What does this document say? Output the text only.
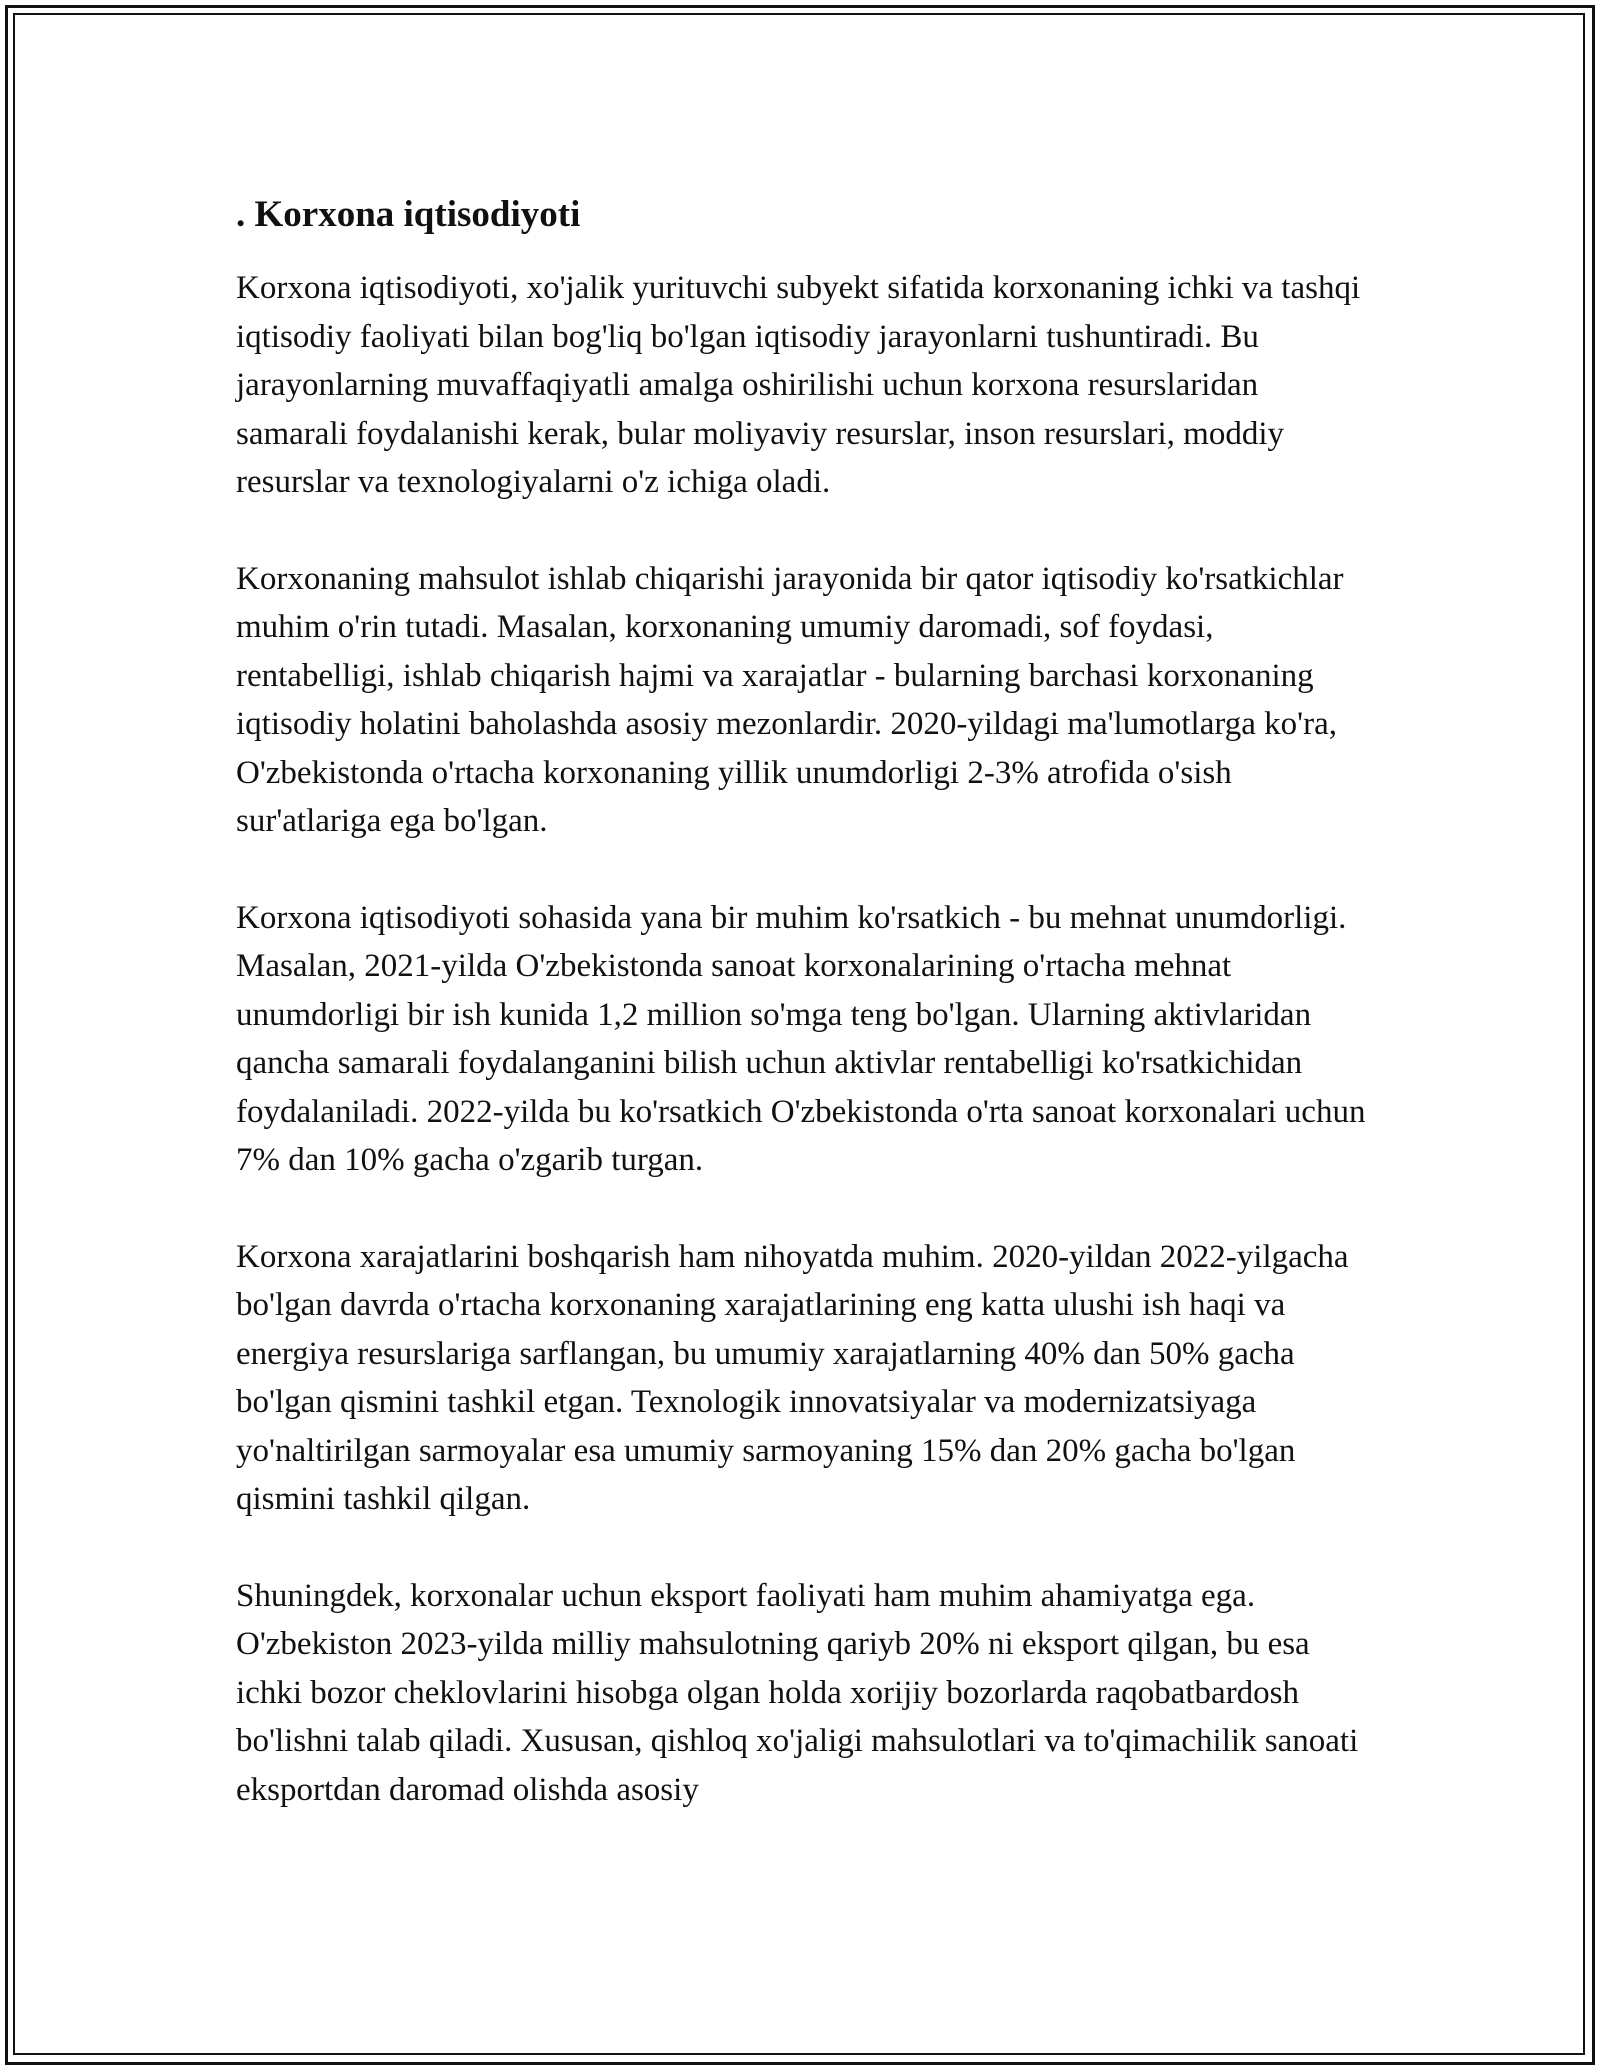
. Korxona iqtisodiyoti

Korxona iqtisodiyoti, xo'jalik yurituvchi subyekt sifatida korxonaning ichki va tashqi iqtisodiy faoliyati bilan bog'liq bo'lgan iqtisodiy jarayonlarni tushuntiradi. Bu jarayonlarning muvaffaqiyatli amalga oshirilishi uchun korxona resurslaridan samarali foydalanishi kerak, bular moliyaviy resurslar, inson resurslari, moddiy resurslar va texnologiyalarni o'z ichiga oladi.

Korxonaning mahsulot ishlab chiqarishi jarayonida bir qator iqtisodiy ko'rsatkichlar muhim o'rin tutadi. Masalan, korxonaning umumiy daromadi, sof foydasi, rentabelligi, ishlab chiqarish hajmi va xarajatlar - bularning barchasi korxonaning iqtisodiy holatini baholashda asosiy mezonlardir. 2020-yildagi ma'lumotlarga ko'ra, O'zbekistonda o'rtacha korxonaning yillik unumdorligi 2-3% atrofida o'sish sur'atlariga ega bo'lgan.

Korxona iqtisodiyoti sohasida yana bir muhim ko'rsatkich - bu mehnat unumdorligi. Masalan, 2021-yilda O'zbekistonda sanoat korxonalarining o'rtacha mehnat unumdorligi bir ish kunida 1,2 million so'mga teng bo'lgan. Ularning aktivlaridan qancha samarali foydalanganini bilish uchun aktivlar rentabelligi ko'rsatkichidan foydalaniladi. 2022-yilda bu ko'rsatkich O'zbekistonda o'rta sanoat korxonalari uchun 7% dan 10% gacha o'zgarib turgan.

Korxona xarajatlarini boshqarish ham nihoyatda muhim. 2020-yildan 2022-yilgacha bo'lgan davrda o'rtacha korxonaning xarajatlarining eng katta ulushi ish haqi va energiya resurslariga sarflangan, bu umumiy xarajatlarning 40% dan 50% gacha bo'lgan qismini tashkil etgan. Texnologik innovatsiyalar va modernizatsiyaga yo'naltirilgan sarmoyalar esa umumiy sarmoyaning 15% dan 20% gacha bo'lgan qismini tashkil qilgan.

Shuningdek, korxonalar uchun eksport faoliyati ham muhim ahamiyatga ega. O'zbekiston 2023-yilda milliy mahsulotning qariyb 20% ni eksport qilgan, bu esa ichki bozor cheklovlarini hisobga olgan holda xorijiy bozorlarda raqobatbardosh bo'lishni talab qiladi. Xususan, qishloq xo'jaligi mahsulotlari va to'qimachilik sanoati eksportdan daromad olishda asosiy
